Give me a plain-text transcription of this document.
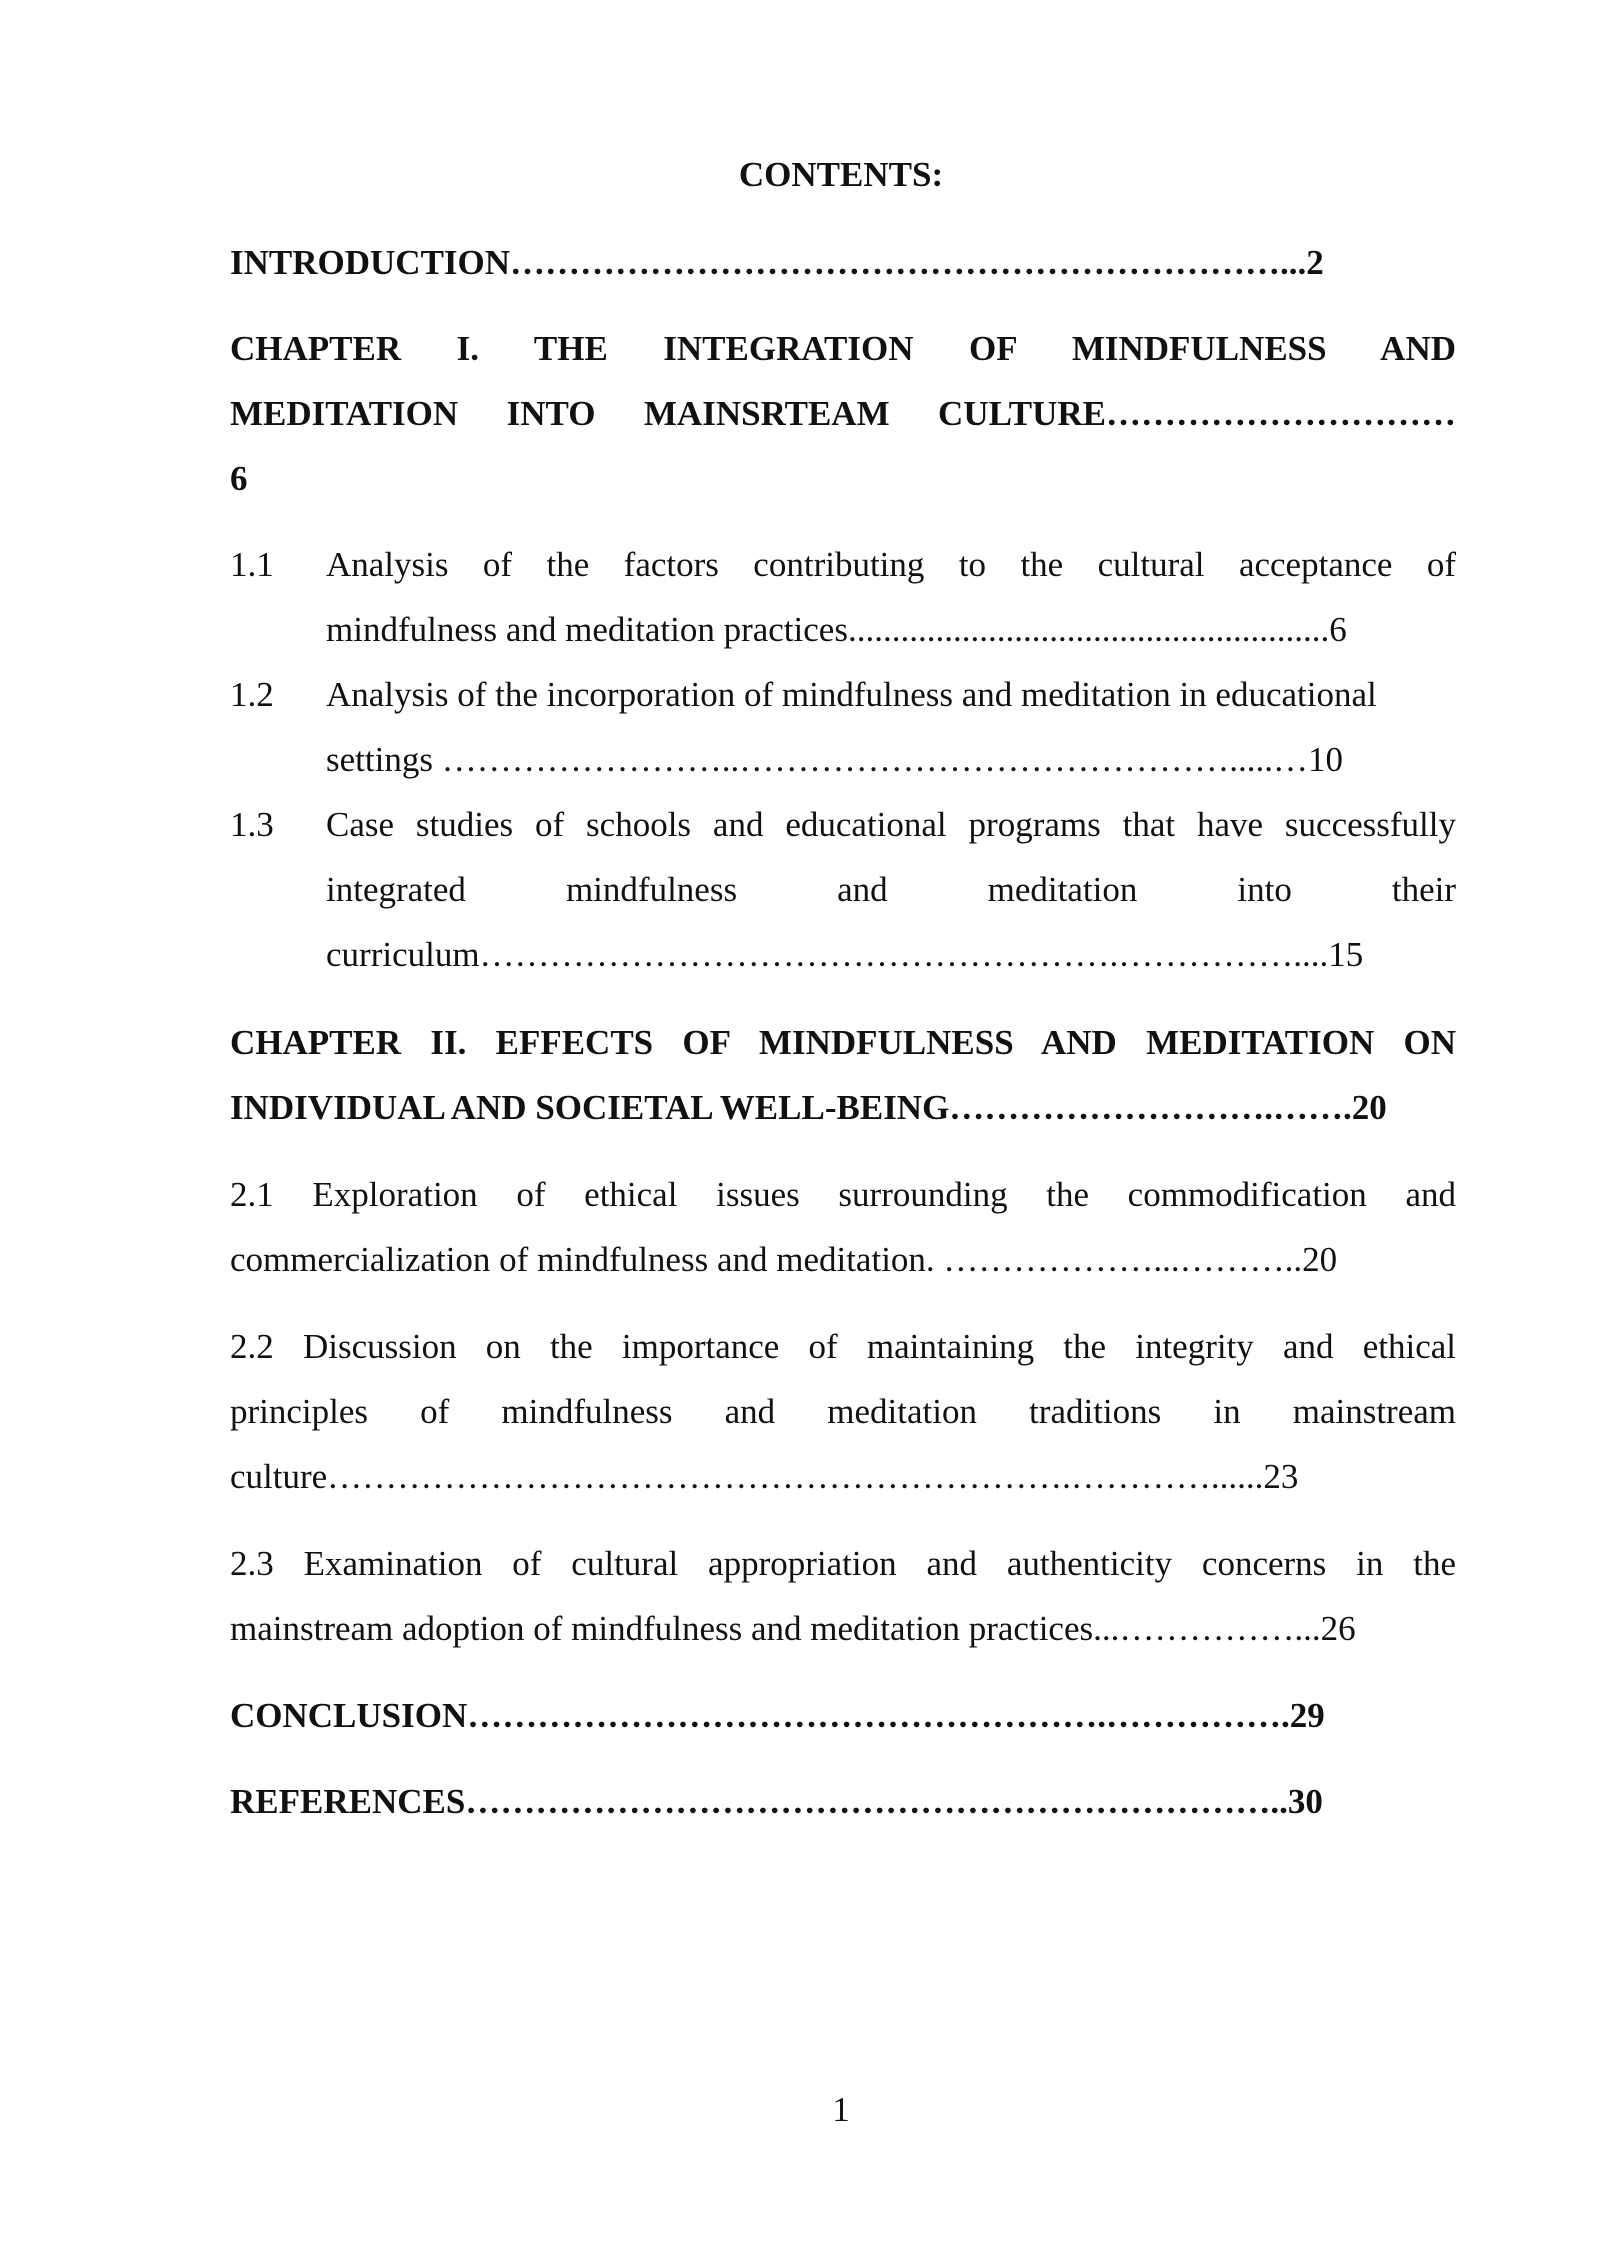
CONTENTS:
INTRODUCTION…………………………………………………………...2
CHAPTER I. THE INTEGRATION OF MINDFULNESS AND
MEDITATION INTO MAINSRTEAM CULTURE…………………………
6
1.1 Analysis of the factors contributing to the cultural acceptance of
mindfulness and meditation practices.......................................................6
1.2 Analysis of the incorporation of mindfulness and meditation in educational
settings ……………………..…………………………………….....…10
1.3 Case studies of schools and educational programs that have successfully
integrated mindfulness and meditation into their
curriculum……………………………………………….……………....15
CHAPTER II. EFFECTS OF MINDFULNESS AND MEDITATION ON
INDIVIDUAL AND SOCIETAL WELL-BEING……………………….…….20
2.1 Exploration of ethical issues surrounding the commodification and
commercialization of mindfulness and meditation. ………………...………..20
2.2 Discussion on the importance of maintaining the integrity and ethical
principles of mindfulness and meditation traditions in mainstream
culture……………………………………………………….…………......23
2.3 Examination of cultural appropriation and authenticity concerns in the
mainstream adoption of mindfulness and meditation practices...……………...26
CONCLUSION……………………………………………….…………….29
REFERENCES……………………………………………………………..30
1
